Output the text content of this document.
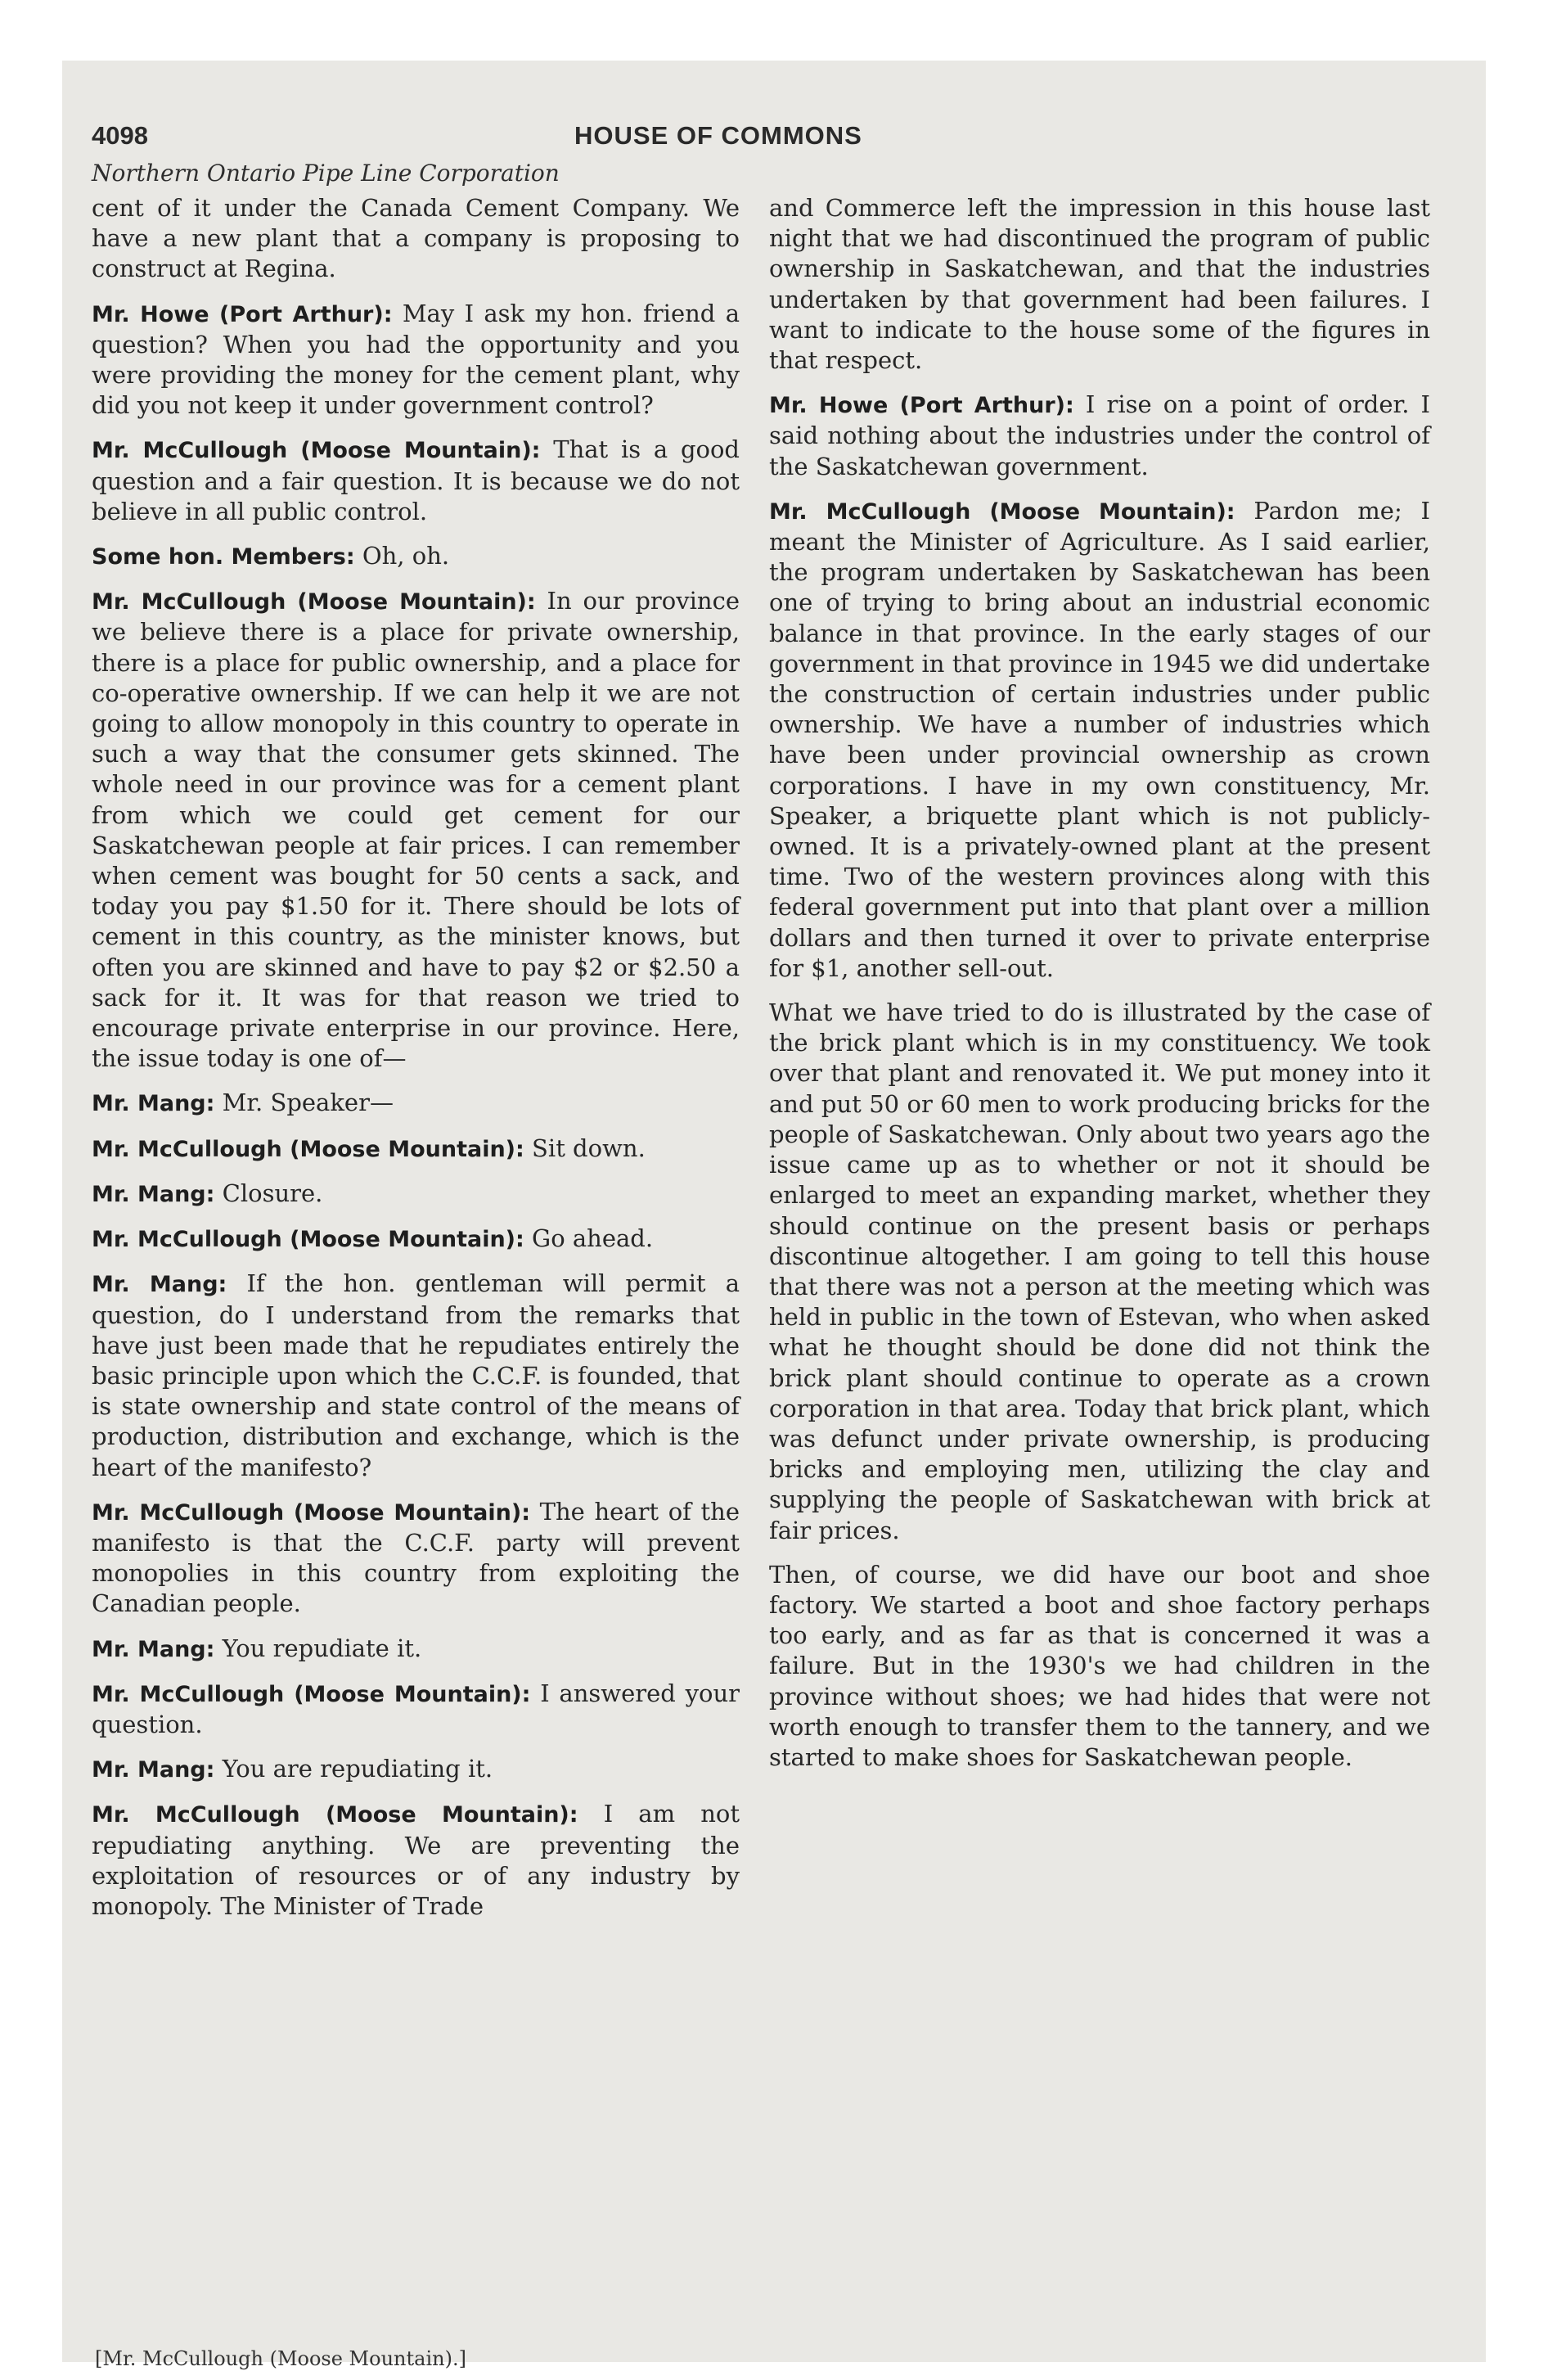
4098	HOUSE OF COMMONS
Northern Ontario Pipe Line Corporation

cent of it under the Canada Cement Company. We have a new plant that a company is proposing to construct at Regina.

Mr. Howe (Port Arthur): May I ask my hon. friend a question? When you had the opportunity and you were providing the money for the cement plant, why did you not keep it under government control?

Mr. McCullough (Moose Mountain): That is a good question and a fair question. It is because we do not believe in all public control.

Some hon. Members: Oh, oh.

Mr. McCullough (Moose Mountain): In our province we believe there is a place for private ownership, there is a place for public ownership, and a place for co-operative ownership. If we can help it we are not going to allow monopoly in this country to operate in such a way that the consumer gets skinned. The whole need in our province was for a cement plant from which we could get cement for our Saskatchewan people at fair prices. I can remember when cement was bought for 50 cents a sack, and today you pay $1.50 for it. There should be lots of cement in this country, as the minister knows, but often you are skinned and have to pay $2 or $2.50 a sack for it. It was for that reason we tried to encourage private enterprise in our province. Here, the issue today is one of—

Mr. Mang: Mr. Speaker—

Mr. McCullough (Moose Mountain): Sit down.

Mr. Mang: Closure.

Mr. McCullough (Moose Mountain): Go ahead.

Mr. Mang: If the hon. gentleman will permit a question, do I understand from the remarks that have just been made that he repudiates entirely the basic principle upon which the C.C.F. is founded, that is state ownership and state control of the means of production, distribution and exchange, which is the heart of the manifesto?

Mr. McCullough (Moose Mountain): The heart of the manifesto is that the C.C.F. party will prevent monopolies in this country from exploiting the Canadian people.

Mr. Mang: You repudiate it.

Mr. McCullough (Moose Mountain): I answered your question.

Mr. Mang: You are repudiating it.

Mr. McCullough (Moose Mountain): I am not repudiating anything. We are preventing the exploitation of resources or of any industry by monopoly. The Minister of Trade

and Commerce left the impression in this house last night that we had discontinued the program of public ownership in Saskatchewan, and that the industries undertaken by that government had been failures. I want to indicate to the house some of the figures in that respect.

Mr. Howe (Port Arthur): I rise on a point of order. I said nothing about the industries under the control of the Saskatchewan government.

Mr. McCullough (Moose Mountain): Pardon me; I meant the Minister of Agriculture. As I said earlier, the program undertaken by Saskatchewan has been one of trying to bring about an industrial economic balance in that province. In the early stages of our government in that province in 1945 we did undertake the construction of certain industries under public ownership. We have a number of industries which have been under provincial ownership as crown corporations. I have in my own constituency, Mr. Speaker, a briquette plant which is not publicly-owned. It is a privately-owned plant at the present time. Two of the western provinces along with this federal government put into that plant over a million dollars and then turned it over to private enterprise for $1, another sell-out.

What we have tried to do is illustrated by the case of the brick plant which is in my constituency. We took over that plant and renovated it. We put money into it and put 50 or 60 men to work producing bricks for the people of Saskatchewan. Only about two years ago the issue came up as to whether or not it should be enlarged to meet an expanding market, whether they should continue on the present basis or perhaps discontinue altogether. I am going to tell this house that there was not a person at the meeting which was held in public in the town of Estevan, who when asked what he thought should be done did not think the brick plant should continue to operate as a crown corporation in that area. Today that brick plant, which was defunct under private ownership, is producing bricks and employing men, utilizing the clay and supplying the people of Saskatchewan with brick at fair prices.

Then, of course, we did have our boot and shoe factory. We started a boot and shoe factory perhaps too early, and as far as that is concerned it was a failure. But in the 1930's we had children in the province without shoes; we had hides that were not worth enough to transfer them to the tannery, and we started to make shoes for Saskatchewan people.

[Mr. McCullough (Moose Mountain).]
